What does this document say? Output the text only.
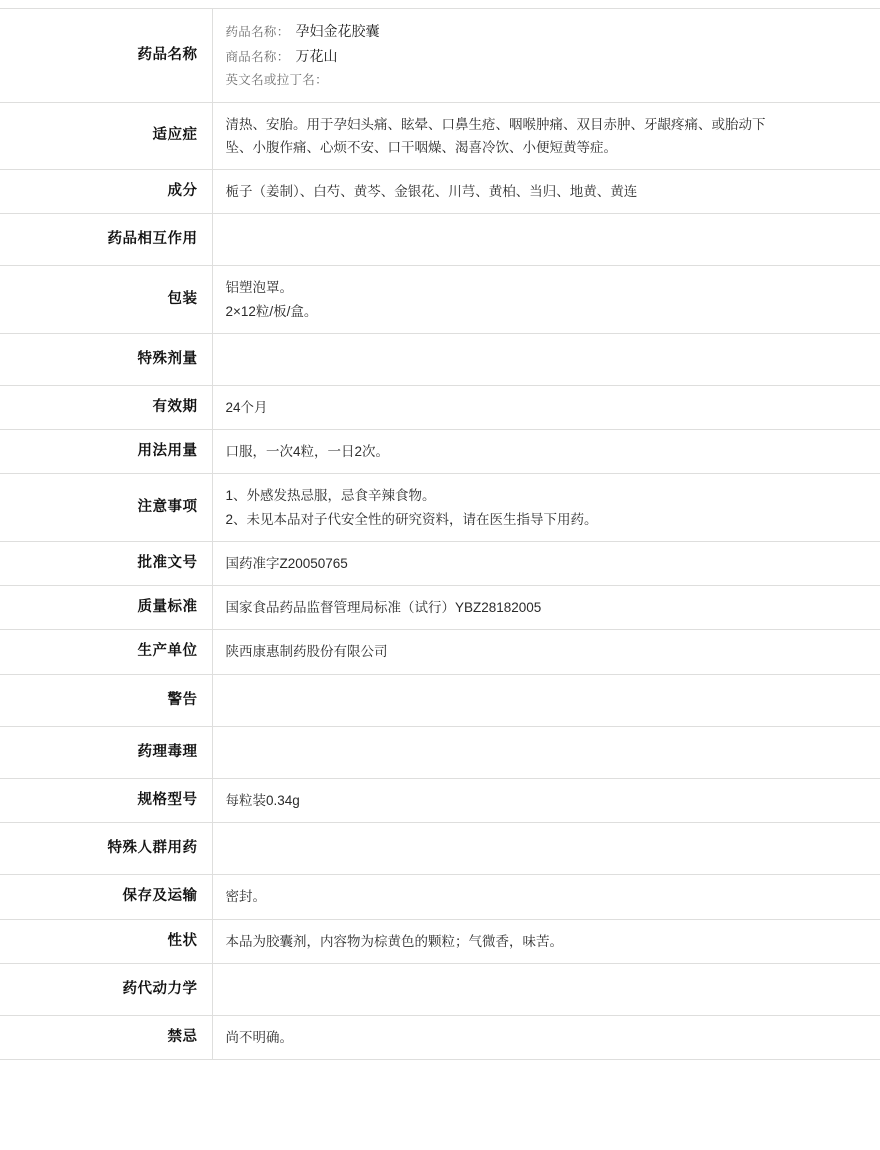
药品名称	药品名称： 孕妇金花胶囊
商品名称： 万花山
英文名或拉丁名：

适应症	清热、安胎。用于孕妇头痛、眩晕、口鼻生疮、咽喉肿痛、双目赤肿、牙龈疼痛、或胎动下
坠、小腹作痛、心烦不安、口干咽燥、渴喜冷饮、小便短黄等症。

成分	栀子（姜制）、白芍、黄芩、金银花、川芎、黄柏、当归、地黄、黄连

药品相互作用	
包装	铝塑泡罩。
2×12粒/板/盒。

特殊剂量	
有效期	24个月

用法用量	口服，一次4粒，一日2次。

注意事项	1、外感发热忌服，忌食辛辣食物。
2、未见本品对子代安全性的研究资料，请在医生指导下用药。

批准文号	国药准字Z20050765

质量标准	国家食品药品监督管理局标准（试行）YBZ28182005

生产单位	陕西康惠制药股份有限公司

警告	
药理毒理	
规格型号	每粒装0.34g

特殊人群用药	
保存及运输	密封。

性状	本品为胶囊剂，内容物为棕黄色的颗粒；气微香，味苦。

药代动力学	
禁忌	尚不明确。
